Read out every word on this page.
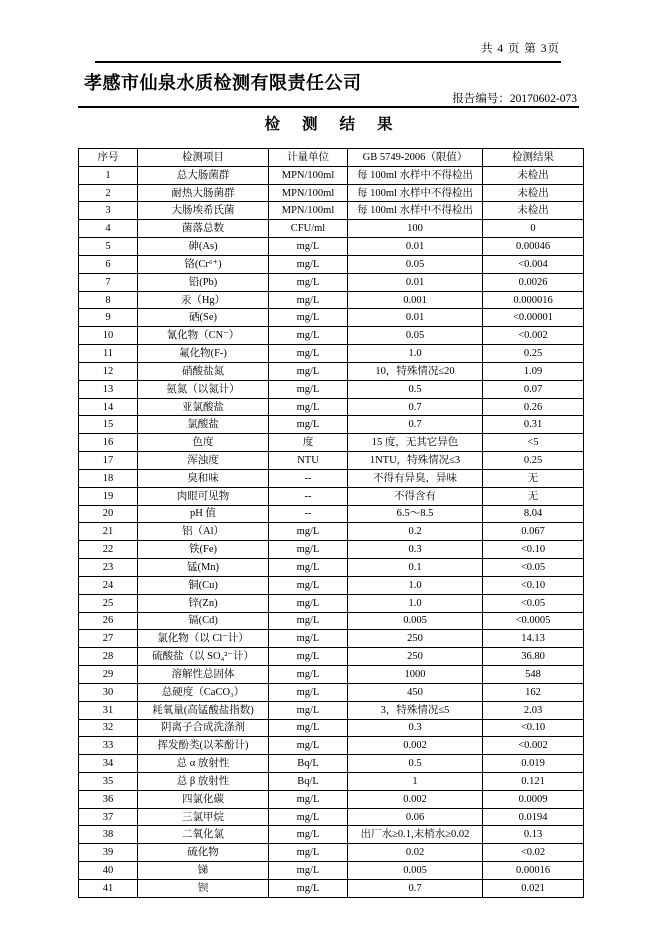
共 4 页 第 3页
孝感市仙泉水质检测有限责任公司
报告编号：20170602-073
检测结果
序号	检测项目	计量单位	GB 5749-2006（限值）	检测结果
1	总大肠菌群	MPN/100ml	每 100ml 水样中不得检出	未检出
2	耐热大肠菌群	MPN/100ml	每 100ml 水样中不得检出	未检出
3	大肠埃希氏菌	MPN/100ml	每 100ml 水样中不得检出	未检出
4	菌落总数	CFU/ml	100	0
5	砷(As)	mg/L	0.01	0.00046
6	铬(Cr⁶⁺)	mg/L	0.05	<0.004
7	铅(Pb)	mg/L	0.01	0.0026
8	汞（Hg）	mg/L	0.001	0.000016
9	硒(Se)	mg/L	0.01	<0.00001
10	氰化物（CN⁻）	mg/L	0.05	<0.002
11	氟化物(F-)	mg/L	1.0	0.25
12	硝酸盐氮	mg/L	10，特殊情况≤20	1.09
13	氨氮（以氮计）	mg/L	0.5	0.07
14	亚氯酸盐	mg/L	0.7	0.26
15	氯酸盐	mg/L	0.7	0.31
16	色度	度	15 度，无其它异色	<5
17	浑浊度	NTU	1NTU，特殊情况≤3	0.25
18	臭和味	--	不得有异臭，异味	无
19	肉眼可见物	--	不得含有	无
20	pH 值	--	6.5～8.5	8.04
21	铝（Al）	mg/L	0.2	0.067
22	铁(Fe)	mg/L	0.3	<0.10
23	锰(Mn)	mg/L	0.1	<0.05
24	铜(Cu)	mg/L	1.0	<0.10
25	锌(Zn)	mg/L	1.0	<0.05
26	镉(Cd)	mg/L	0.005	<0.0005
27	氯化物（以 Cl⁻计）	mg/L	250	14.13
28	硫酸盐（以 SO₄²⁻计）	mg/L	250	36.80
29	溶解性总固体	mg/L	1000	548
30	总硬度（CaCO₃）	mg/L	450	162
31	耗氧量(高锰酸盐指数)	mg/L	3，特殊情况≤5	2.03
32	阴离子合成洗涤剂	mg/L	0.3	<0.10
33	挥发酚类(以苯酚计)	mg/L	0.002	<0.002
34	总 α 放射性	Bq/L	0.5	0.019
35	总 β 放射性	Bq/L	1	0.121
36	四氯化碳	mg/L	0.002	0.0009
37	三氯甲烷	mg/L	0.06	0.0194
38	二氧化氯	mg/L	出厂水≥0.1,末梢水≥0.02	0.13
39	硫化物	mg/L	0.02	<0.02
40	锑	mg/L	0.005	0.00016
41	钡	mg/L	0.7	0.021
